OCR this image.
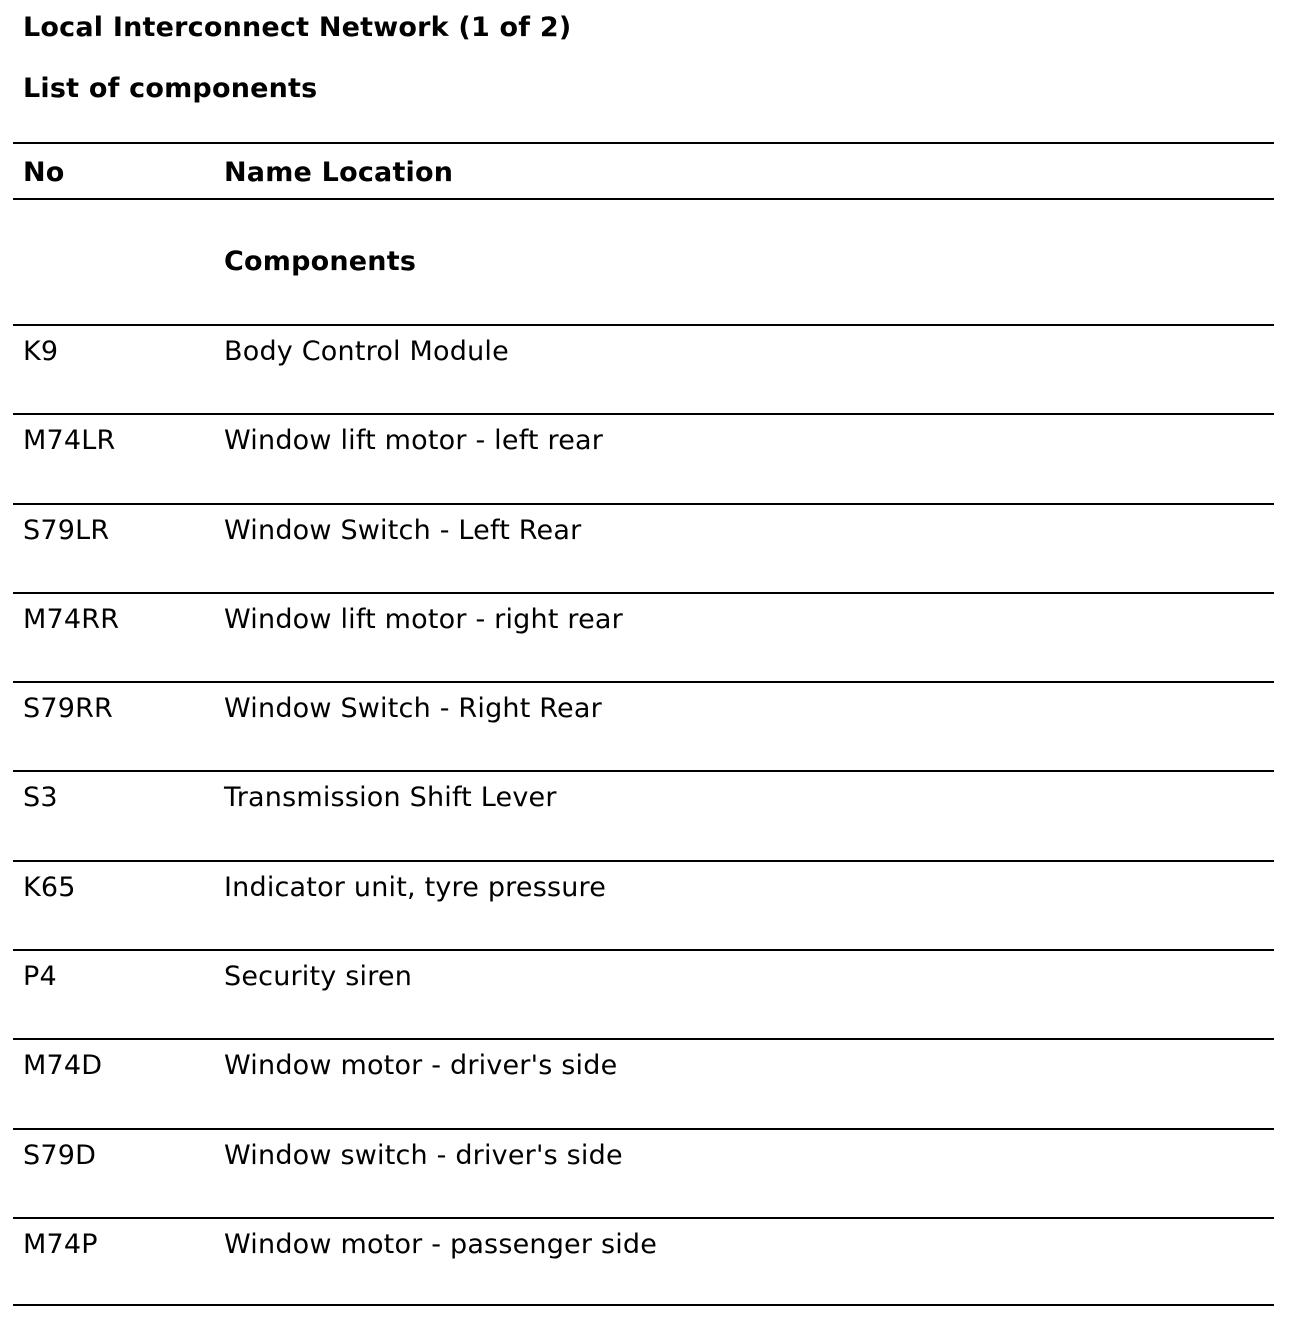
Local Interconnect Network (1 of 2)
List of components
No	Name Location
Components
K9	Body Control Module
M74LR	Window lift motor - left rear
S79LR	Window Switch - Left Rear
M74RR	Window lift motor - right rear
S79RR	Window Switch - Right Rear
S3	Transmission Shift Lever
K65	Indicator unit, tyre pressure
P4	Security siren
M74D	Window motor - driver's side
S79D	Window switch - driver's side
M74P	Window motor - passenger side
